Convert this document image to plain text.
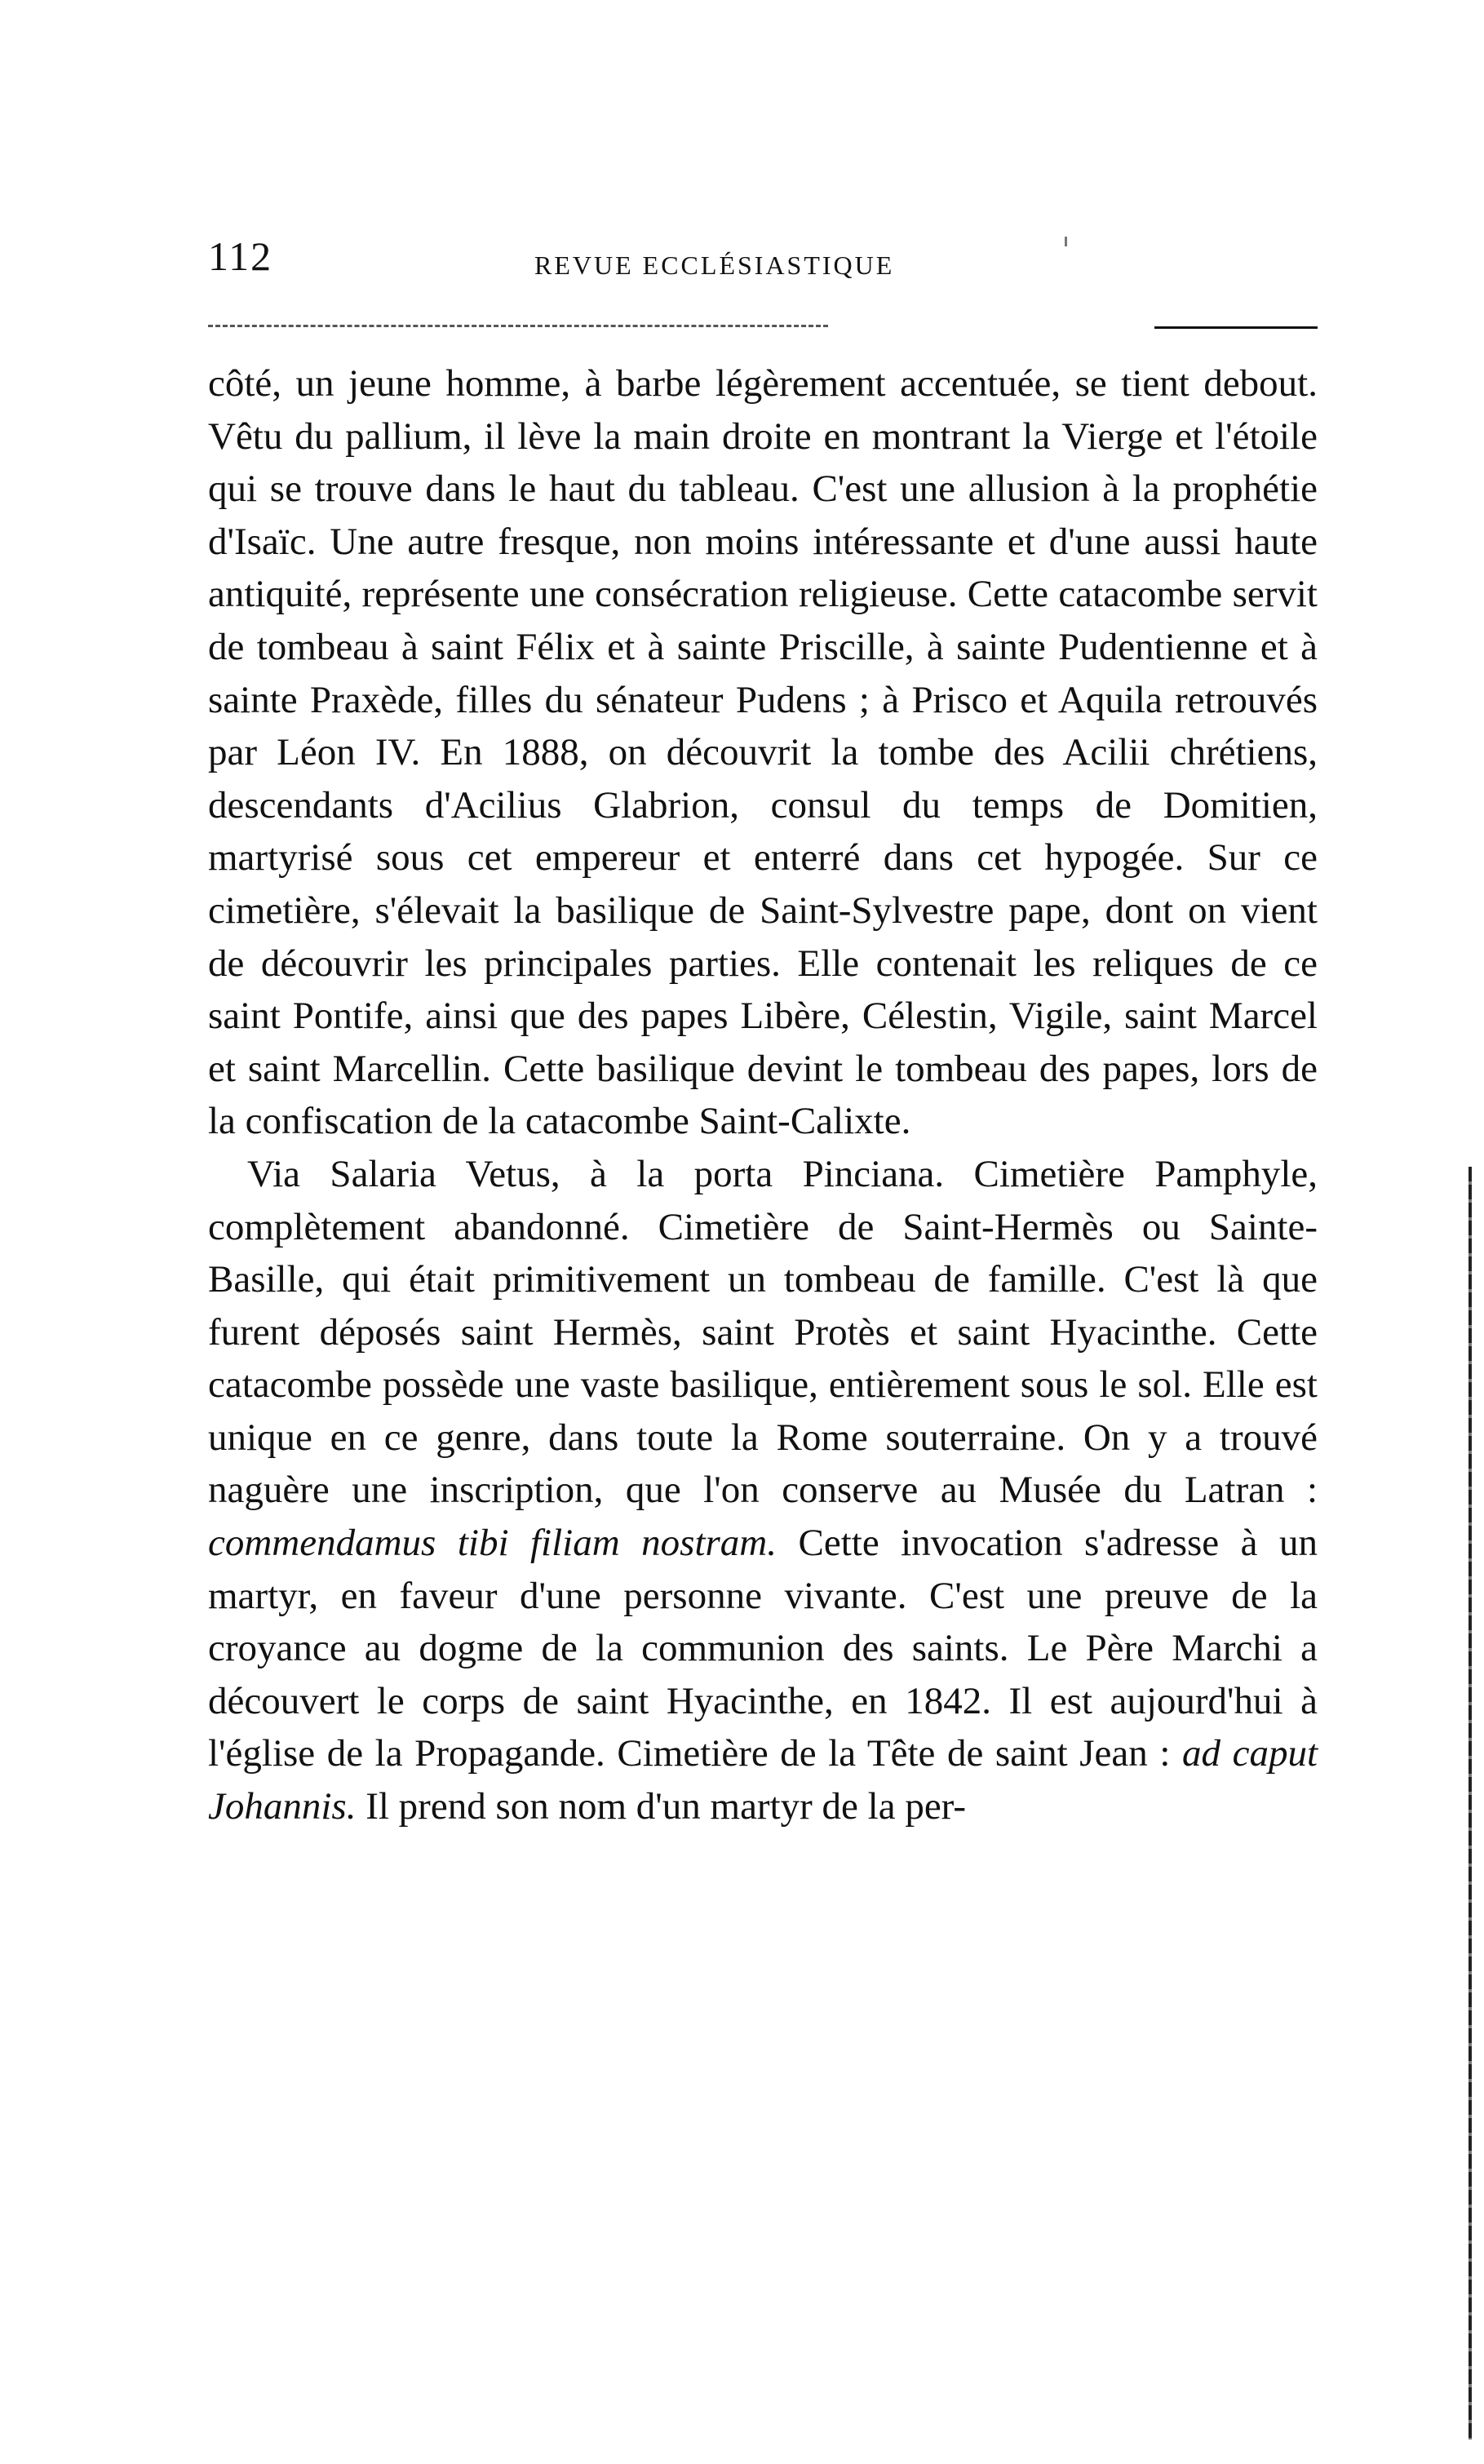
112	REVUE ECCLÉSIASTIQUE

côté, un jeune homme, à barbe légèrement accentuée, se tient debout. Vêtu du pallium, il lève la main droite en montrant la Vierge et l'étoile qui se trouve dans le haut du tableau. C'est une allusion à la prophétie d'Isaïc. Une autre fresque, non moins intéressante et d'une aussi haute antiquité, représente une consécration religieuse. Cette catacombe servit de tombeau à saint Félix et à sainte Priscille, à sainte Pudentienne et à sainte Praxède, filles du sénateur Pudens ; à Prisco et Aquila retrouvés par Léon IV. En 1888, on découvrit la tombe des Acilii chrétiens, descendants d'Acilius Glabrion, consul du temps de Domitien, martyrisé sous cet empereur et enterré dans cet hypogée. Sur ce cimetière, s'élevait la basilique de Saint-Sylvestre pape, dont on vient de découvrir les principales parties. Elle contenait les reliques de ce saint Pontife, ainsi que des papes Libère, Célestin, Vigile, saint Marcel et saint Marcellin. Cette basilique devint le tombeau des papes, lors de la confiscation de la catacombe Saint-Calixte.

Via Salaria Vetus, à la porta Pinciana. Cimetière Pamphyle, complètement abandonné. Cimetière de Saint-Hermès ou Sainte-Basille, qui était primitivement un tombeau de famille. C'est là que furent déposés saint Hermès, saint Protès et saint Hyacinthe. Cette catacombe possède une vaste basilique, entièrement sous le sol. Elle est unique en ce genre, dans toute la Rome souterraine. On y a trouvé naguère une inscription, que l'on conserve au Musée du Latran : commendamus tibi filiam nostram. Cette invocation s'adresse à un martyr, en faveur d'une personne vivante. C'est une preuve de la croyance au dogme de la communion des saints. Le Père Marchi a découvert le corps de saint Hyacinthe, en 1842. Il est aujourd'hui à l'église de la Propagande. Cimetière de la Tête de saint Jean : ad caput Johannis. Il prend son nom d'un martyr de la per-
